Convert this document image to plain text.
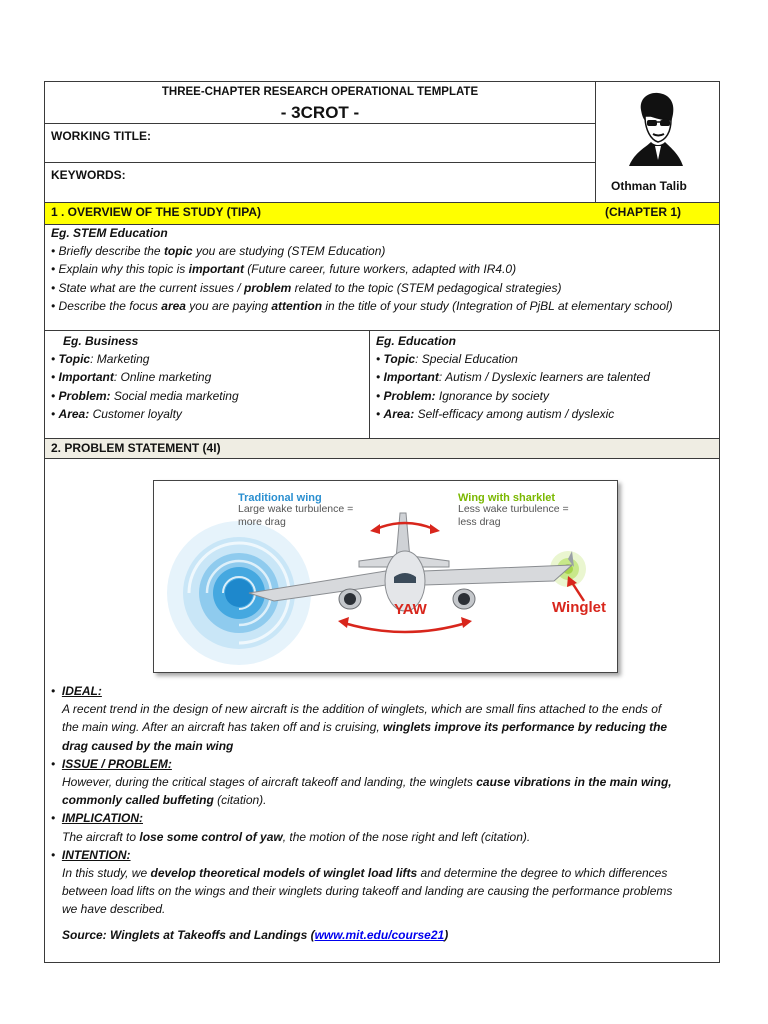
THREE-CHAPTER RESEARCH OPERATIONAL TEMPLATE
- 3CROT -
WORKING TITLE:
KEYWORDS:
Othman Talib
1 . OVERVIEW OF THE STUDY (TIPA)	(CHAPTER 1)
Eg. STEM Education
• Briefly describe the topic you are studying (STEM Education)
• Explain why this topic is important (Future career, future workers, adapted with IR4.0)
• State what are the current issues / problem related to the topic (STEM pedagogical strategies)
• Describe the focus area you are paying attention in the title of your study (Integration of PjBL at elementary school)
Eg. Business
• Topic: Marketing
• Important: Online marketing
• Problem: Social media marketing
• Area: Customer loyalty
Eg. Education
• Topic: Special Education
• Important: Autism / Dyslexic learners are talented
• Problem: Ignorance by society
• Area: Self-efficacy among autism / dyslexic
2. PROBLEM STATEMENT (4I)
Traditional wing
Large wake turbulence =
more drag
Wing with sharklet
Less wake turbulence =
less drag
YAW	Winglet
•  IDEAL:
A recent trend in the design of new aircraft is the addition of winglets, which are small fins attached to the ends of
the main wing. After an aircraft has taken off and is cruising, winglets improve its performance by reducing the
drag caused by the main wing
•  ISSUE / PROBLEM:
However, during the critical stages of aircraft takeoff and landing, the winglets cause vibrations in the main wing,
commonly called buffeting (citation).
•  IMPLICATION:
The aircraft to lose some control of yaw, the motion of the nose right and left (citation).
•  INTENTION:
In this study, we develop theoretical models of winglet load lifts and determine the degree to which differences
between load lifts on the wings and their winglets during takeoff and landing are causing the performance problems
we have described.
Source: Winglets at Takeoffs and Landings (www.mit.edu/course21)
